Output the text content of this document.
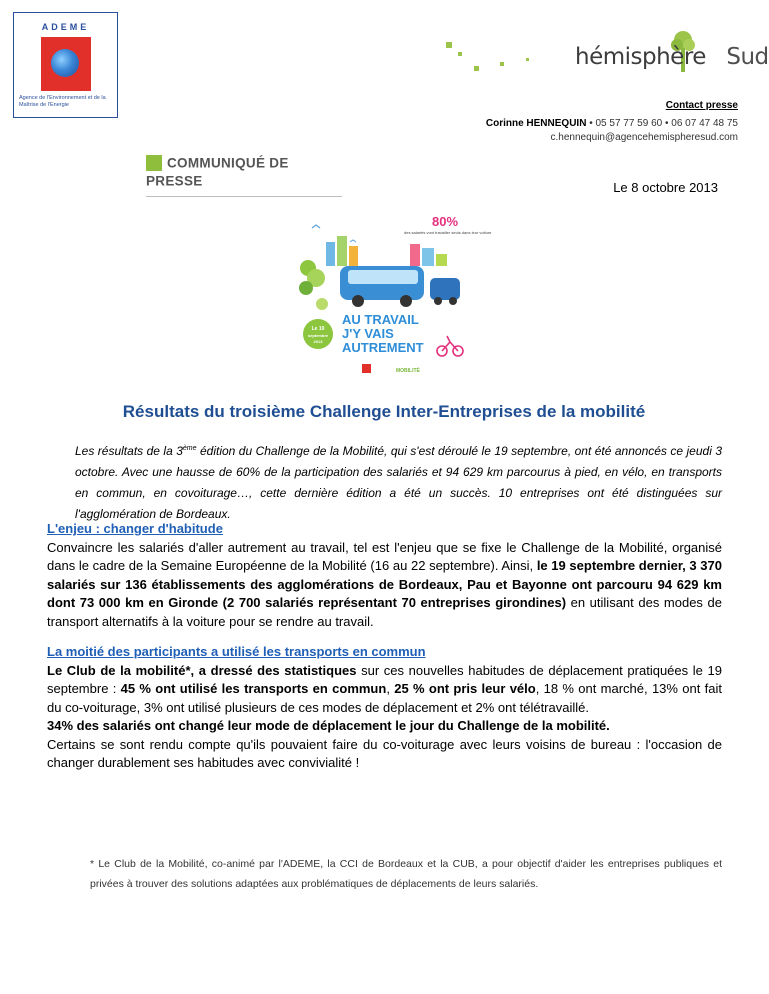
ADEME
Agence de l'Environnement et de la Maîtrise de l'Energie
hémisphère Sud
Contact presse
Corinne HENNEQUIN • 05 57 77 59 60 • 06 07 47 48 75
c.hennequin@agencehemispheresud.com
COMMUNIQUÉ DE PRESSE	Le 8 octobre 2013
80%
des salariés vont travailler seuls dans leur voiture
Le 19
septembre
2013
AU TRAVAIL
J'Y VAIS
AUTREMENT
MOBILITÉ
Résultats du troisième Challenge Inter-Entreprises de la mobilité
Les résultats de la 3ème édition du Challenge de la Mobilité, qui s'est déroulé le 19 septembre, ont été annoncés ce jeudi 3 octobre. Avec une hausse de 60% de la participation des salariés et 94 629 km parcourus à pied, en vélo, en transports en commun, en covoiturage…, cette dernière édition a été un succès. 10 entreprises ont été distinguées sur l'agglomération de Bordeaux.
L'enjeu : changer d'habitude
Convaincre les salariés d'aller autrement au travail, tel est l'enjeu que se fixe le Challenge de la Mobilité, organisé dans le cadre de la Semaine Européenne de la Mobilité (16 au 22 septembre). Ainsi, le 19 septembre dernier, 3 370 salariés sur 136 établissements des agglomérations de Bordeaux, Pau et Bayonne ont parcouru 94 629 km dont 73 000 km en Gironde (2 700 salariés représentant 70 entreprises girondines) en utilisant des modes de transport alternatifs à la voiture pour se rendre au travail.
La moitié des participants a utilisé les transports en commun
Le Club de la mobilité*, a dressé des statistiques sur ces nouvelles habitudes de déplacement pratiquées le 19 septembre : 45 % ont utilisé les transports en commun, 25 % ont pris leur vélo, 18 % ont marché, 13% ont fait du co-voiturage, 3% ont utilisé plusieurs de ces modes de déplacement et 2% ont télétravaillé.
34% des salariés ont changé leur mode de déplacement le jour du Challenge de la mobilité.
Certains se sont rendu compte qu'ils pouvaient faire du co-voiturage avec leurs voisins de bureau : l'occasion de changer durablement ses habitudes avec convivialité !
* Le Club de la Mobilité, co-animé par l'ADEME, la CCI de Bordeaux et la CUB, a pour objectif d'aider les entreprises publiques et privées à trouver des solutions adaptées aux problématiques de déplacements de leurs salariés.
